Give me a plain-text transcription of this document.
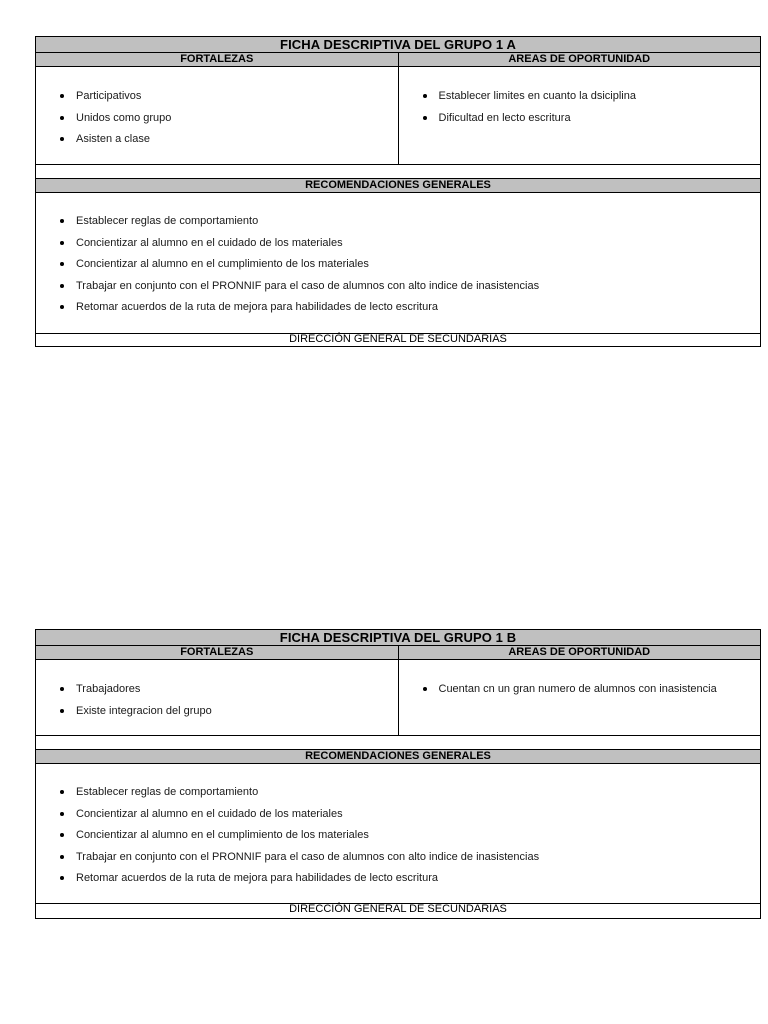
FICHA DESCRIPTIVA DEL GRUPO 1 A
FORTALEZAS	AREAS DE OPORTUNIDAD
Participativos
Unidos como grupo
Asisten a clase
Establecer limites en cuanto la dsiciplina
Dificultad en lecto escritura
RECOMENDACIONES GENERALES
Establecer reglas de comportamiento
Concientizar al alumno en el cuidado de los materiales
Concientizar al alumno en el cumplimiento de los materiales
Trabajar en conjunto con el PRONNIF para el caso de alumnos con alto indice de inasistencias
Retomar acuerdos de la ruta de mejora para habilidades de lecto escritura
DIRECCIÓN GENERAL DE SECUNDARIAS
FICHA DESCRIPTIVA DEL GRUPO 1 B
FORTALEZAS	AREAS DE OPORTUNIDAD
Trabajadores
Existe integracion del grupo
Cuentan cn un gran numero de alumnos con inasistencia
RECOMENDACIONES GENERALES
Establecer reglas de comportamiento
Concientizar al alumno en el cuidado de los materiales
Concientizar al alumno en el cumplimiento de los materiales
Trabajar en conjunto con el PRONNIF para el caso de alumnos con alto indice de inasistencias
Retomar acuerdos de la ruta de mejora para habilidades de lecto escritura
DIRECCIÓN GENERAL DE SECUNDARIAS
